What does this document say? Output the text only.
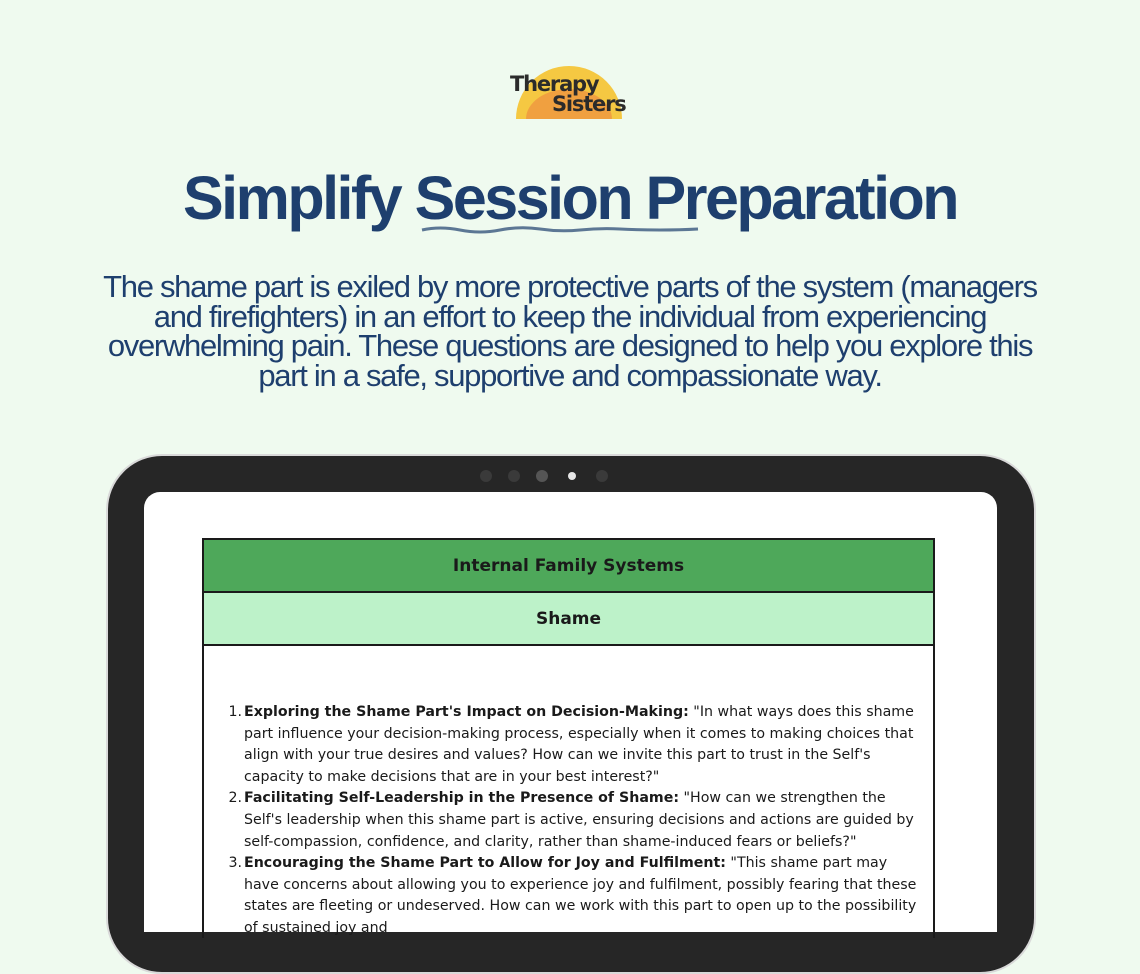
Therapy
Sisters
Simplify Session Preparation

The shame part is exiled by more protective parts of the system (managers and firefighters) in an effort to keep the individual from experiencing overwhelming pain. These questions are designed to help you explore this part in a safe, supportive and compassionate way.

Internal Family Systems
Shame
1. Exploring the Shame Part's Impact on Decision-Making: "In what ways does this shame part influence your decision-making process, especially when it comes to making choices that align with your true desires and values? How can we invite this part to trust in the Self's capacity to make decisions that are in your best interest?"
2. Facilitating Self-Leadership in the Presence of Shame: "How can we strengthen the Self's leadership when this shame part is active, ensuring decisions and actions are guided by self-compassion, confidence, and clarity, rather than shame-induced fears or beliefs?"
3. Encouraging the Shame Part to Allow for Joy and Fulfilment: "This shame part may have concerns about allowing you to experience joy and fulfilment, possibly fearing that these states are fleeting or undeserved. How can we work with this part to open up to the possibility of sustained joy and
